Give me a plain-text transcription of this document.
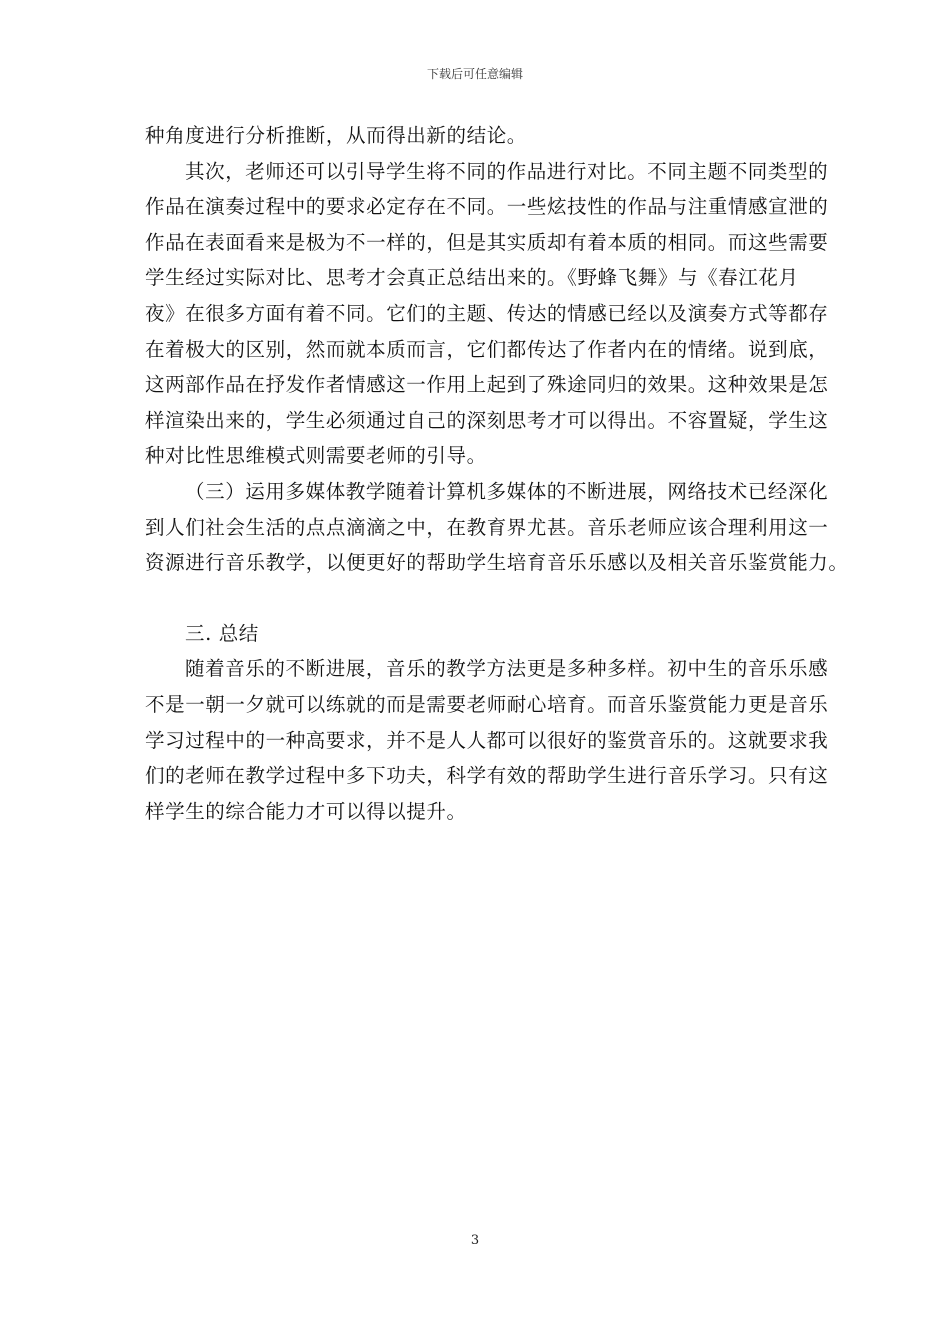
下载后可任意编辑
种角度进行分析推断，从而得出新的结论。
其次，老师还可以引导学生将不同的作品进行对比。不同主题不同类型的
作品在演奏过程中的要求必定存在不同。一些炫技性的作品与注重情感宣泄的
作品在表面看来是极为不一样的，但是其实质却有着本质的相同。而这些需要
学生经过实际对比、思考才会真正总结出来的。《野蜂飞舞》与《春江花月
夜》在很多方面有着不同。它们的主题、传达的情感已经以及演奏方式等都存
在着极大的区别，然而就本质而言，它们都传达了作者内在的情绪。说到底，
这两部作品在抒发作者情感这一作用上起到了殊途同归的效果。这种效果是怎
样渲染出来的，学生必须通过自己的深刻思考才可以得出。不容置疑，学生这
种对比性思维模式则需要老师的引导。
（三）运用多媒体教学随着计算机多媒体的不断进展，网络技术已经深化
到人们社会生活的点点滴滴之中，在教育界尤甚。音乐老师应该合理利用这一
资源进行音乐教学，以便更好的帮助学生培育音乐乐感以及相关音乐鉴赏能力。
三. 总结
随着音乐的不断进展，音乐的教学方法更是多种多样。初中生的音乐乐感
不是一朝一夕就可以练就的而是需要老师耐心培育。而音乐鉴赏能力更是音乐
学习过程中的一种高要求，并不是人人都可以很好的鉴赏音乐的。这就要求我
们的老师在教学过程中多下功夫，科学有效的帮助学生进行音乐学习。只有这
样学生的综合能力才可以得以提升。
3
